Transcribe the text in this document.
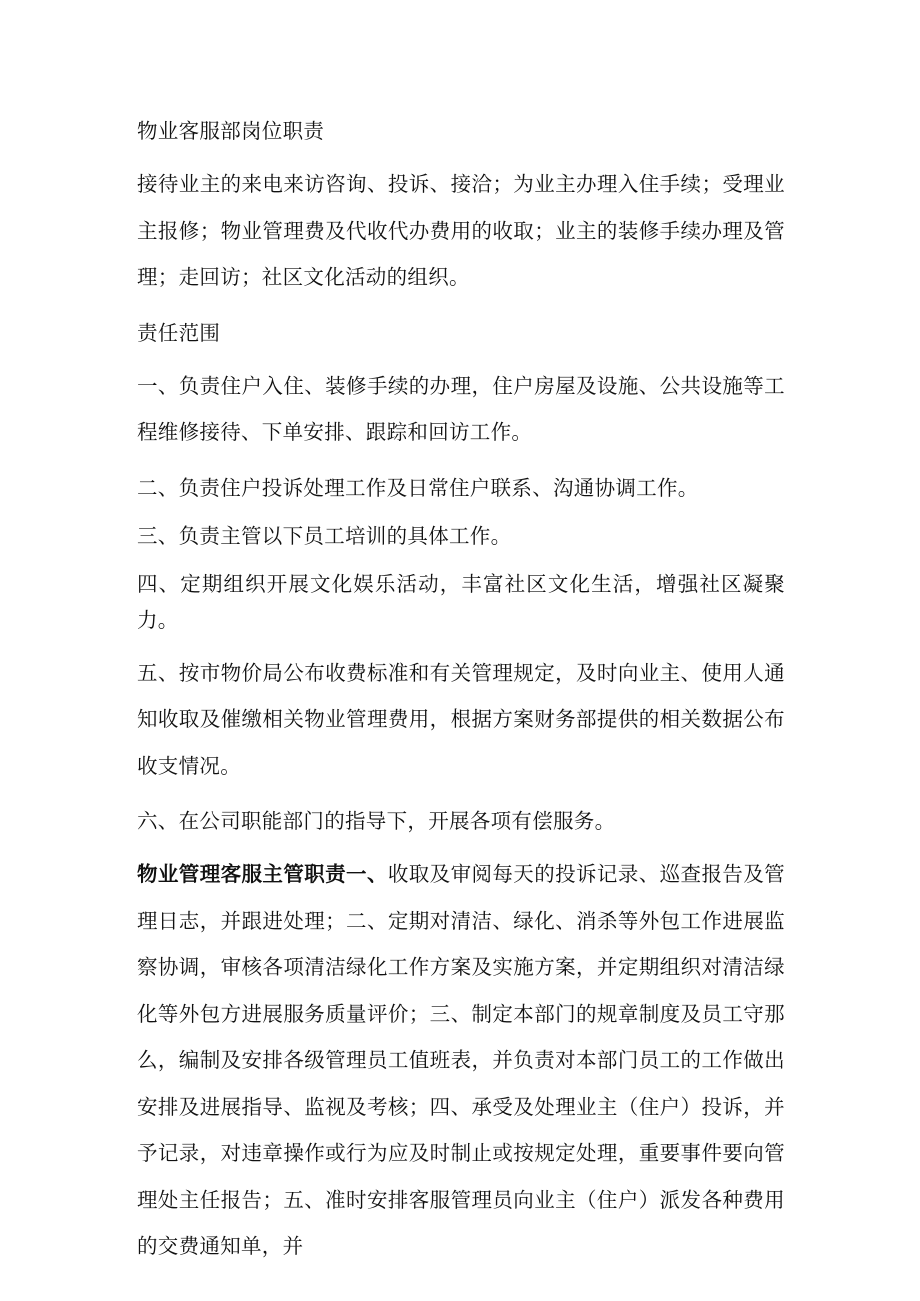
物业客服部岗位职责

接待业主的来电来访咨询、投诉、接洽；为业主办理入住手续；受理业主报修；物业管理费及代收代办费用的收取；业主的装修手续办理及管理；走回访；社区文化活动的组织。

责任范围

一、负责住户入住、装修手续的办理，住户房屋及设施、公共设施等工程维修接待、下单安排、跟踪和回访工作。

二、负责住户投诉处理工作及日常住户联系、沟通协调工作。

三、负责主管以下员工培训的具体工作。

四、定期组织开展文化娱乐活动，丰富社区文化生活，增强社区凝聚力。

五、按市物价局公布收费标准和有关管理规定，及时向业主、使用人通知收取及催缴相关物业管理费用，根据方案财务部提供的相关数据公布收支情况。

六、在公司职能部门的指导下，开展各项有偿服务。

物业管理客服主管职责一、收取及审阅每天的投诉记录、巡查报告及管理日志，并跟进处理；二、定期对清洁、绿化、消杀等外包工作进展监察协调，审核各项清洁绿化工作方案及实施方案，并定期组织对清洁绿化等外包方进展服务质量评价；三、制定本部门的规章制度及员工守那么，编制及安排各级管理员工值班表，并负责对本部门员工的工作做出安排及进展指导、监视及考核；四、承受及处理业主（住户）投诉，并予记录，对违章操作或行为应及时制止或按规定处理，重要事件要向管理处主任报告；五、准时安排客服管理员向业主（住户）派发各种费用的交费通知单，并
